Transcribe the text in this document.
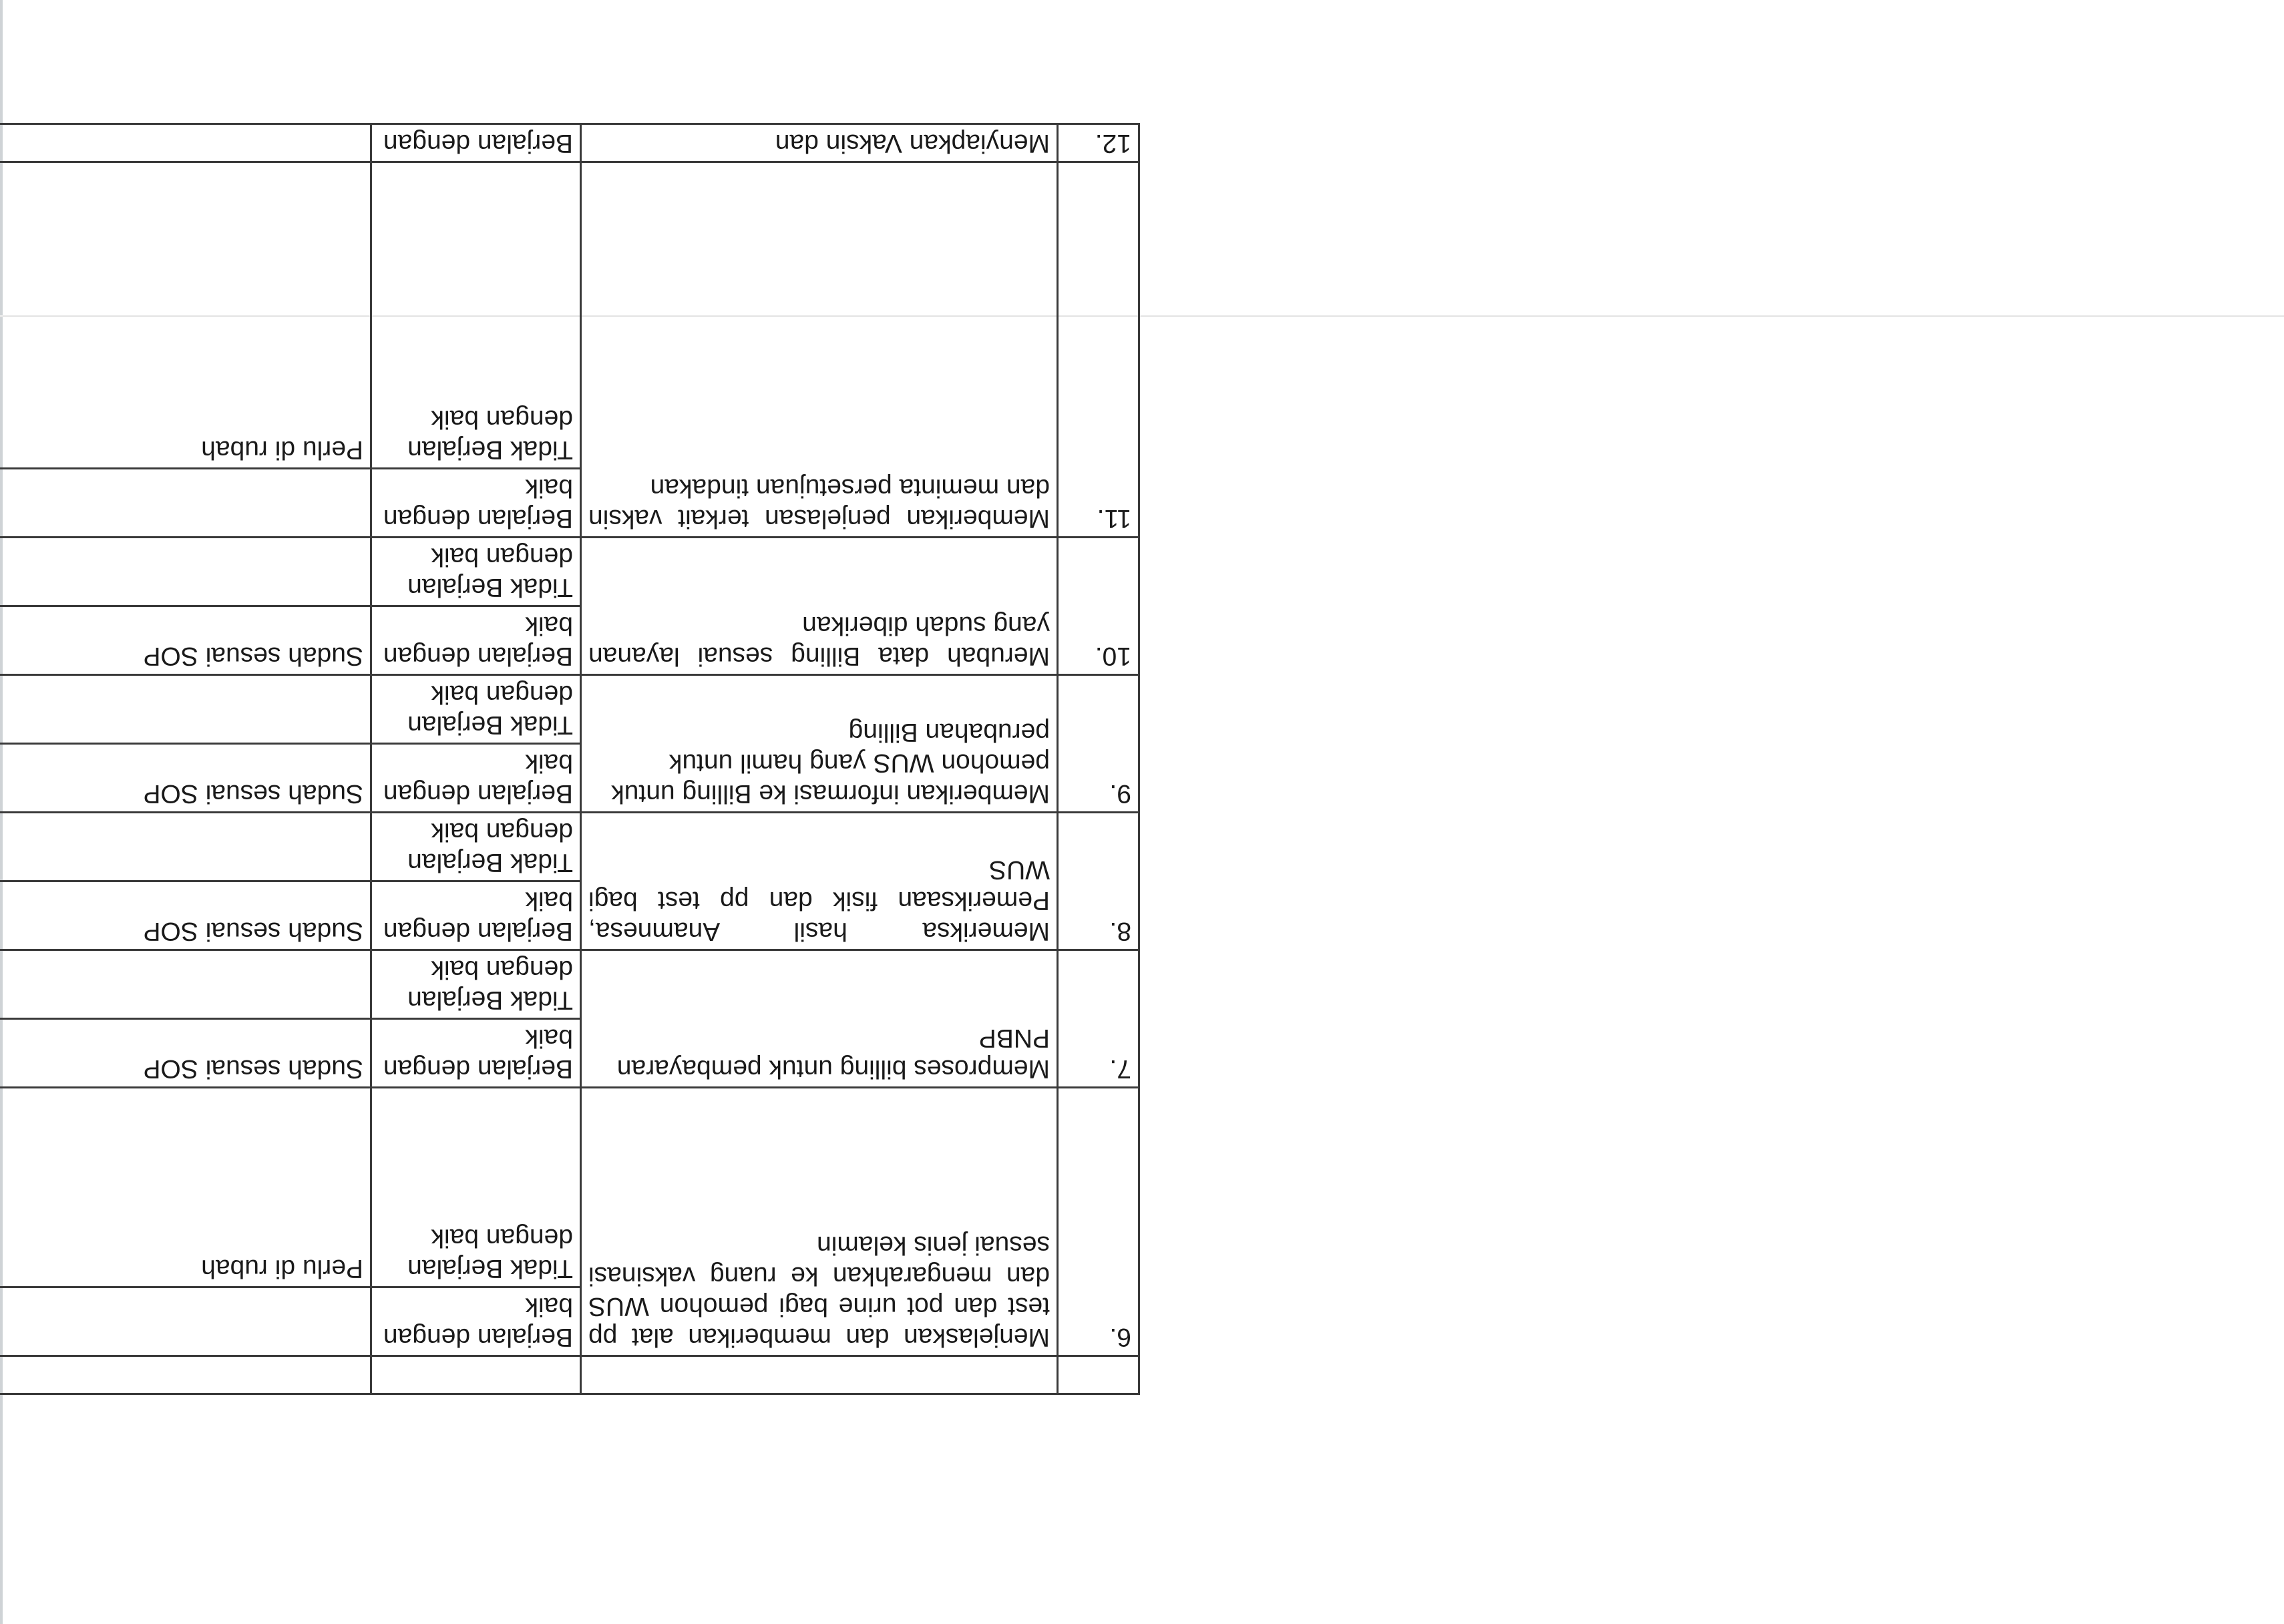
6.	Menjelaskan dan memberikan alat pp test dan pot urine bagi pemohon WUS dan mengarahkan ke ruang vaksinasi sesuai jenis kelamin	Berjalan dengan baik			

		Tidak Berjalan dengan baik	Perlu di rubah		
7.	Memproses billing untuk pembayaran PNBP	Berjalan dengan baik	Sudah sesuai SOP		

		Tidak Berjalan dengan baik			
8.	Memeriksa hasil Anamnesa, Pemeriksaan fisik dan pp test bagi WUS	Berjalan dengan baik	Sudah sesuai SOP		

		Tidak Berjalan dengan baik			
9.	Memberikan informasi ke Billing untuk pemohon WUS yang hamil untuk perubahan Billing	Berjalan dengan baik	Sudah sesuai SOP		

		Tidak Berjalan dengan baik			
10.	Merubah data Billing sesuai layanan yang sudah diberikan	Berjalan dengan baik	Sudah sesuai SOP		

		Tidak Berjalan dengan baik			
11.	Memberikan penjelasan terkait vaksin dan meminta persetujuan tindakan	Berjalan dengan baik			

		Tidak Berjalan dengan baik	Perlu di rubah		
12.	Menyiapkan Vaksin dan	Berjalan dengan			
